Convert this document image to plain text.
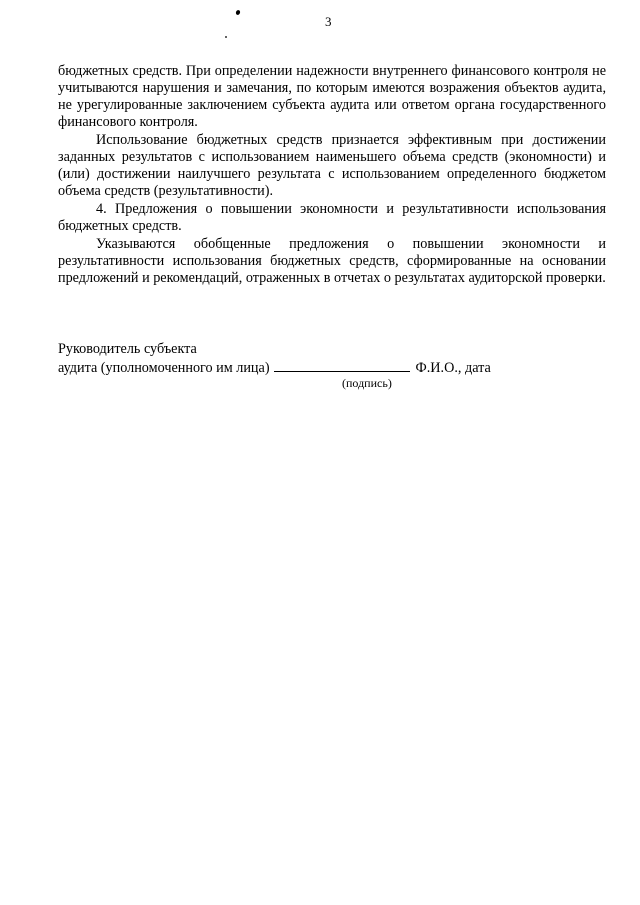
3

бюджетных средств. При определении надежности внутреннего финансового контроля не учитываются нарушения и замечания, по которым имеются возражения объектов аудита, не урегулированные заключением субъекта аудита или ответом органа государственного финансового контроля.

Использование бюджетных средств признается эффективным при достижении заданных результатов с использованием наименьшего объема средств (экономности) и (или) достижении наилучшего результата с использованием определенного бюджетом объема средств (результативности).

4. Предложения о повышении экономности и результативности использования бюджетных средств.

Указываются обобщенные предложения о повышении экономности и результативности использования бюджетных средств, сформированные на основании предложений и рекомендаций, отраженных в отчетах о результатах аудиторской проверки.

Руководитель субъекта
аудита (уполномоченного им лица)	Ф.И.О., дата
(подпись)
